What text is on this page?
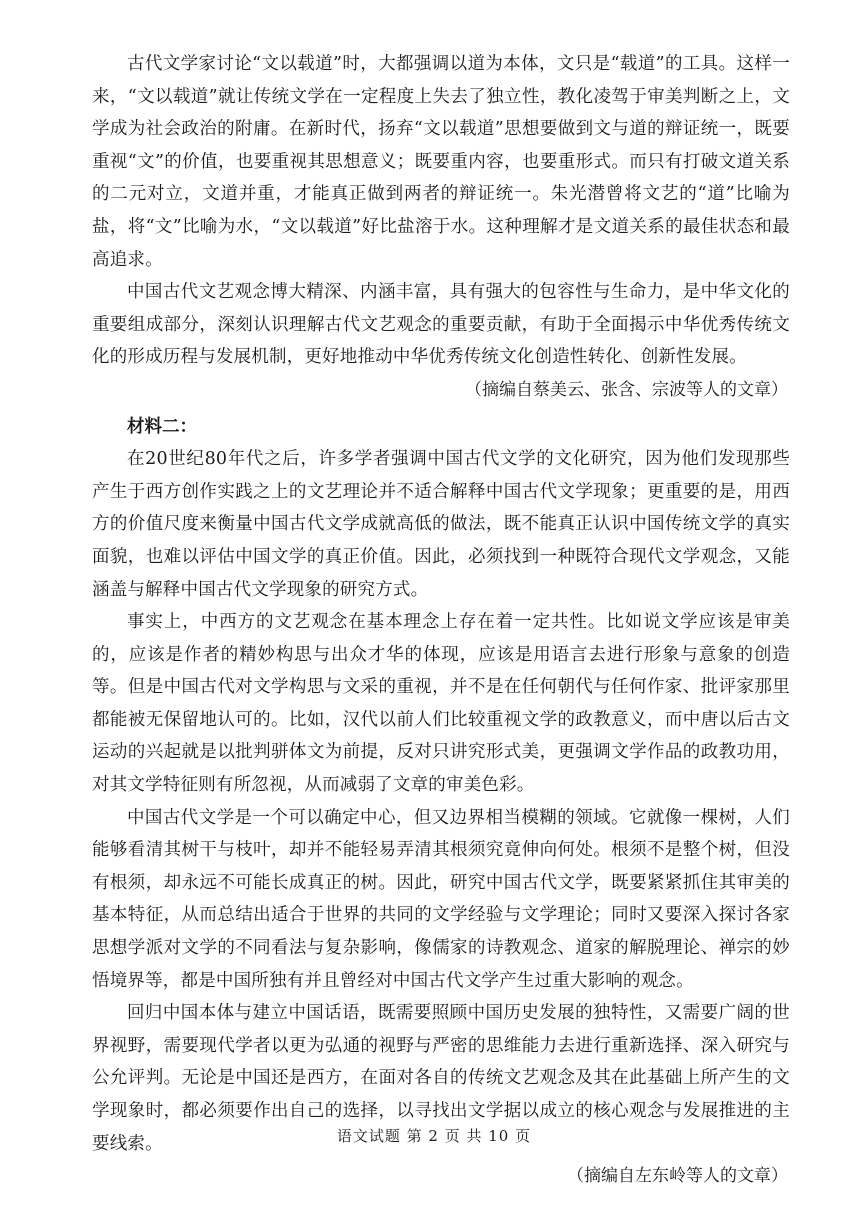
古代文学家讨论“文以载道”时，大都强调以道为本体，文只是“载道”的工具。这样一来，“文以载道”就让传统文学在一定程度上失去了独立性，教化凌驾于审美判断之上，文学成为社会政治的附庸。在新时代，扬弃“文以载道”思想要做到文与道的辩证统一，既要重视“文”的价值，也要重视其思想意义；既要重内容，也要重形式。而只有打破文道关系的二元对立，文道并重，才能真正做到两者的辩证统一。朱光潜曾将文艺的“道”比喻为盐，将“文”比喻为水，“文以载道”好比盐溶于水。这种理解才是文道关系的最佳状态和最高追求。

中国古代文艺观念博大精深、内涵丰富，具有强大的包容性与生命力，是中华文化的重要组成部分，深刻认识理解古代文艺观念的重要贡献，有助于全面揭示中华优秀传统文化的形成历程与发展机制，更好地推动中华优秀传统文化创造性转化、创新性发展。

（摘编自蔡美云、张含、宗波等人的文章）

材料二：

在20世纪80年代之后，许多学者强调中国古代文学的文化研究，因为他们发现那些产生于西方创作实践之上的文艺理论并不适合解释中国古代文学现象；更重要的是，用西方的价值尺度来衡量中国古代文学成就高低的做法，既不能真正认识中国传统文学的真实面貌，也难以评估中国文学的真正价值。因此，必须找到一种既符合现代文学观念，又能涵盖与解释中国古代文学现象的研究方式。

事实上，中西方的文艺观念在基本理念上存在着一定共性。比如说文学应该是审美的，应该是作者的精妙构思与出众才华的体现，应该是用语言去进行形象与意象的创造等。但是中国古代对文学构思与文采的重视，并不是在任何朝代与任何作家、批评家那里都能被无保留地认可的。比如，汉代以前人们比较重视文学的政教意义，而中唐以后古文运动的兴起就是以批判骈体文为前提，反对只讲究形式美，更强调文学作品的政教功用，对其文学特征则有所忽视，从而减弱了文章的审美色彩。

中国古代文学是一个可以确定中心，但又边界相当模糊的领域。它就像一棵树，人们能够看清其树干与枝叶，却并不能轻易弄清其根须究竟伸向何处。根须不是整个树，但没有根须，却永远不可能长成真正的树。因此，研究中国古代文学，既要紧紧抓住其审美的基本特征，从而总结出适合于世界的共同的文学经验与文学理论；同时又要深入探讨各家思想学派对文学的不同看法与复杂影响，像儒家的诗教观念、道家的解脱理论、禅宗的妙悟境界等，都是中国所独有并且曾经对中国古代文学产生过重大影响的观念。

回归中国本体与建立中国话语，既需要照顾中国历史发展的独特性，又需要广阔的世界视野，需要现代学者以更为弘通的视野与严密的思维能力去进行重新选择、深入研究与公允评判。无论是中国还是西方，在面对各自的传统文艺观念及其在此基础上所产生的文学现象时，都必须要作出自己的选择，以寻找出文学据以成立的核心观念与发展推进的主要线索。

（摘编自左东岭等人的文章）

语文试题 第 2 页 共 10 页
